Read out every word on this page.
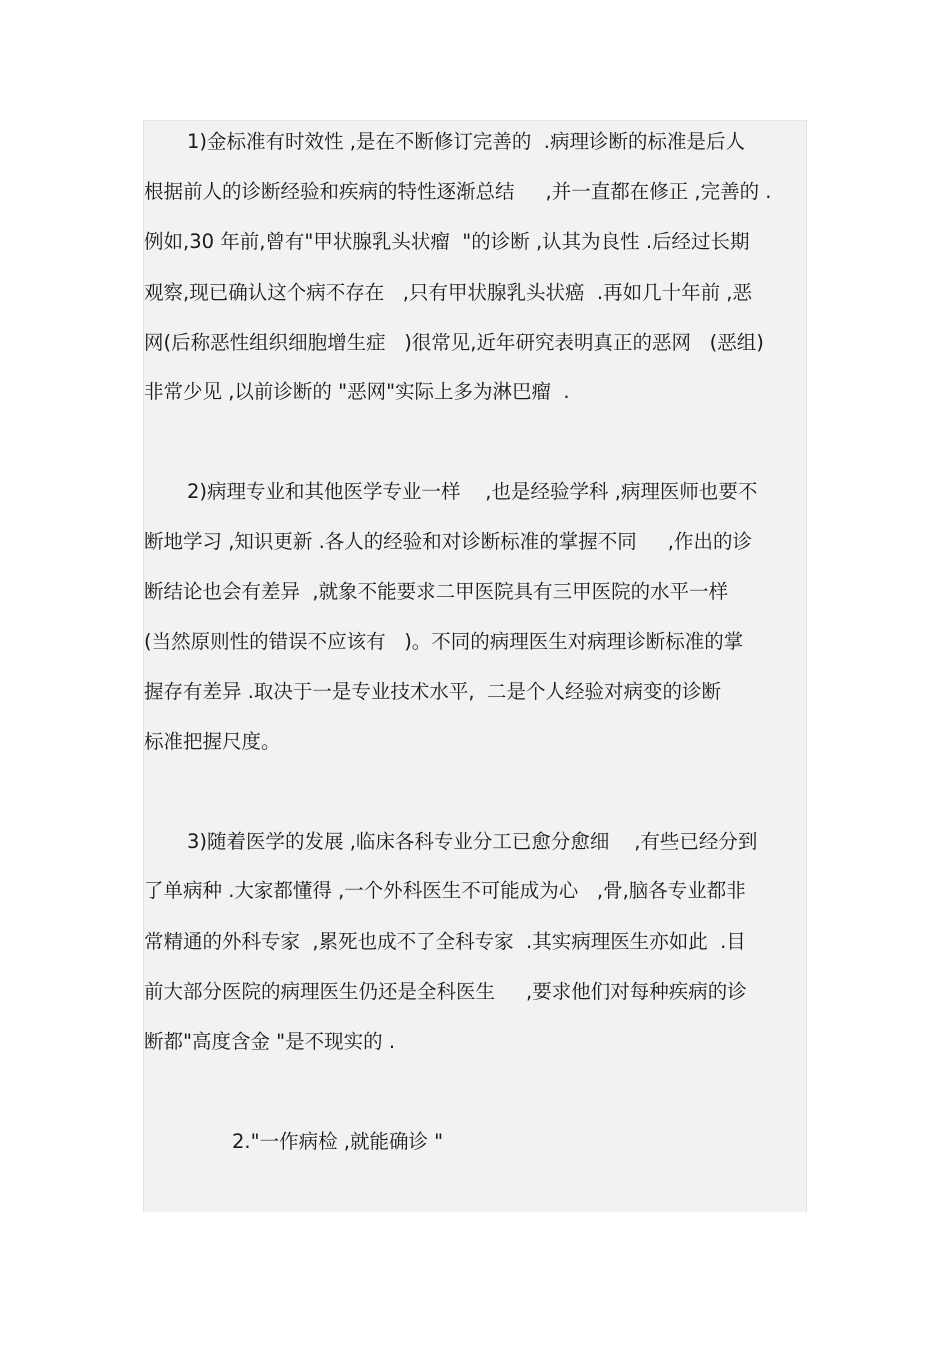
1)金标准有时效性 ,是在不断修订完善的  .病理诊断的标准是后人
根据前人的诊断经验和疾病的特性逐渐总结     ,并一直都在修正 ,完善的 .
例如,30 年前,曾有"甲状腺乳头状瘤  "的诊断 ,认其为良性 .后经过长期
观察,现已确认这个病不存在   ,只有甲状腺乳头状癌  .再如几十年前 ,恶
网(后称恶性组织细胞增生症   )很常见,近年研究表明真正的恶网   (恶组)
非常少见 ,以前诊断的 "恶网"实际上多为淋巴瘤  .
2)病理专业和其他医学专业一样    ,也是经验学科 ,病理医师也要不
断地学习 ,知识更新 .各人的经验和对诊断标准的掌握不同     ,作出的诊
断结论也会有差异  ,就象不能要求二甲医院具有三甲医院的水平一样
(当然原则性的错误不应该有   )。不同的病理医生对病理诊断标准的掌
握存有差异 .取决于一是专业技术水平,  二是个人经验对病变的诊断
标准把握尺度。
3)随着医学的发展 ,临床各科专业分工已愈分愈细    ,有些已经分到
了单病种 .大家都懂得 ,一个外科医生不可能成为心   ,骨,脑各专业都非
常精通的外科专家  ,累死也成不了全科专家  .其实病理医生亦如此  .目
前大部分医院的病理医生仍还是全科医生     ,要求他们对每种疾病的诊
断都"高度含金 "是不现实的 .
2."一作病检 ,就能确诊 "
